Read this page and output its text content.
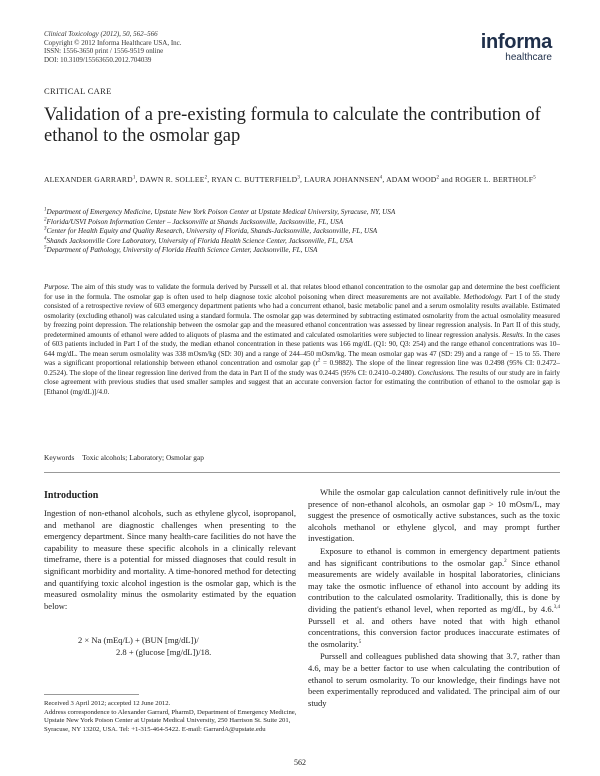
Clinical Toxicology (2012), 50, 562–566
Copyright © 2012 Informa Healthcare USA, Inc.
ISSN: 1556-3650 print / 1556-9519 online
DOI: 10.3109/15563650.2012.704039
informa
healthcare
CRITICAL CARE
Validation of a pre-existing formula to calculate the contribution of ethanol to the osmolar gap
ALEXANDER GARRARD$^1$, DAWN R. SOLLEE$^2$, RYAN C. BUTTERFIELD$^3$, LAURA JOHANNSEN$^4$, ADAM WOOD$^2$ and ROGER L. BERTHOLF$^5$
$^1$Department of Emergency Medicine, Upstate New York Poison Center at Upstate Medical University, Syracuse, NY, USA
$^2$Florida/USVI Poison Information Center – Jacksonville at Shands Jacksonville, Jacksonville, FL, USA
$^3$Center for Health Equity and Quality Research, University of Florida, Shands-Jacksonville, Jacksonville, FL, USA
$^4$Shands Jacksonville Core Laboratory, University of Florida Health Science Center, Jacksonville, FL, USA
$^5$Department of Pathology, University of Florida Health Science Center, Jacksonville, FL, USA
Purpose. The aim of this study was to validate the formula derived by Purssell et al. that relates blood ethanol concentration to the osmolar gap and determine the best coefficient for use in the formula. The osmolar gap is often used to help diagnose toxic alcohol poisoning when direct measurements are not available. Methodology. Part I of the study consisted of a retrospective review of 603 emergency department patients who had a concurrent ethanol, basic metabolic panel and a serum osmolality results available. Estimated osmolarity (excluding ethanol) was calculated using a standard formula. The osmolar gap was determined by subtracting estimated osmolarity from the actual osmolality measured by freezing point depression. The relationship between the osmolar gap and the measured ethanol concentration was assessed by linear regression analysis. In Part II of this study, predetermined amounts of ethanol were added to aliquots of plasma and the estimated and calculated osmolarities were subjected to linear regression analysis. Results. In the cases of 603 patients included in Part I of the study, the median ethanol concentration in these patients was 166 mg/dL (Q1: 90, Q3: 254) and the range ethanol concentrations was 10–644 mg/dL. The mean serum osmolality was 338 mOsm/kg (SD: 30) and a range of 244–450 mOsm/kg. The mean osmolar gap was 47 (SD: 29) and a range of − 15 to 55. There was a significant proportional relationship between ethanol concentration and osmolar gap $(r^2 = 0.9882)$. The slope of the linear regression line was 0.2498 (95% CI: 0.2472–0.2524). The slope of the linear regression line derived from the data in Part II of the study was 0.2445 (95% CI: 0.2410–0.2480). Conclusions. The results of our study are in fairly close agreement with previous studies that used smaller samples and suggest that an accurate conversion factor for estimating the contribution of ethanol to the osmolar gap is [Ethanol (mg/dL)]/4.0.
Keywords Toxic alcohols; Laboratory; Osmolar gap
Introduction

Ingestion of non-ethanol alcohols, such as ethylene glycol, isopropanol, and methanol are diagnostic challenges when presenting to the emergency department. Since many health-care facilities do not have the capability to measure these specific alcohols in a clinically relevant timeframe, there is a potential for missed diagnoses that could result in significant morbidity and mortality. A time-honored method for detecting and quantifying toxic alcohol ingestion is the osmolar gap, which is the measured osmolality minus the osmolarity estimated by the equation below:

2 × Na (mEq/L) + (BUN [mg/dL])/
2.8 + (glucose [mg/dL])/18.

While the osmolar gap calculation cannot definitively rule in/out the presence of non-ethanol alcohols, an osmolar gap > 10 mOsm/L, may suggest the presence of osmotically active substances, such as the toxic alcohols methanol or ethylene glycol, and may prompt further investigation.

Exposure to ethanol is common in emergency department patients and has significant contributions to the osmolar gap.$^2$ Since ethanol measurements are widely available in hospital laboratories, clinicians may take the osmotic influence of ethanol into account by adding its contribution to the calculated osmolarity. Traditionally, this is done by dividing the patient's ethanol level, when reported as mg/dL, by 4.6.$^{3,4}$ Purssell et al. and others have noted that with high ethanol concentrations, this conversion factor produces inaccurate estimates of the osmolarity.$^5$

Purssell and colleagues published data showing that 3.7, rather than 4.6, may be a better factor to use when calculating the contribution of ethanol to serum osmolarity. To our knowledge, their findings have not been experimentally reproduced and validated. The principal aim of our study

Received 3 April 2012; accepted 12 June 2012.
Address correspondence to Alexander Garrard, PharmD, Department of Emergency Medicine, Upstate New York Poison Center at Upstate Medical University, 250 Harrison St. Suite 201, Syracuse, NY 13202, USA. Tel: +1-315-464-5422. E-mail: GarrardA@upstate.edu
562
